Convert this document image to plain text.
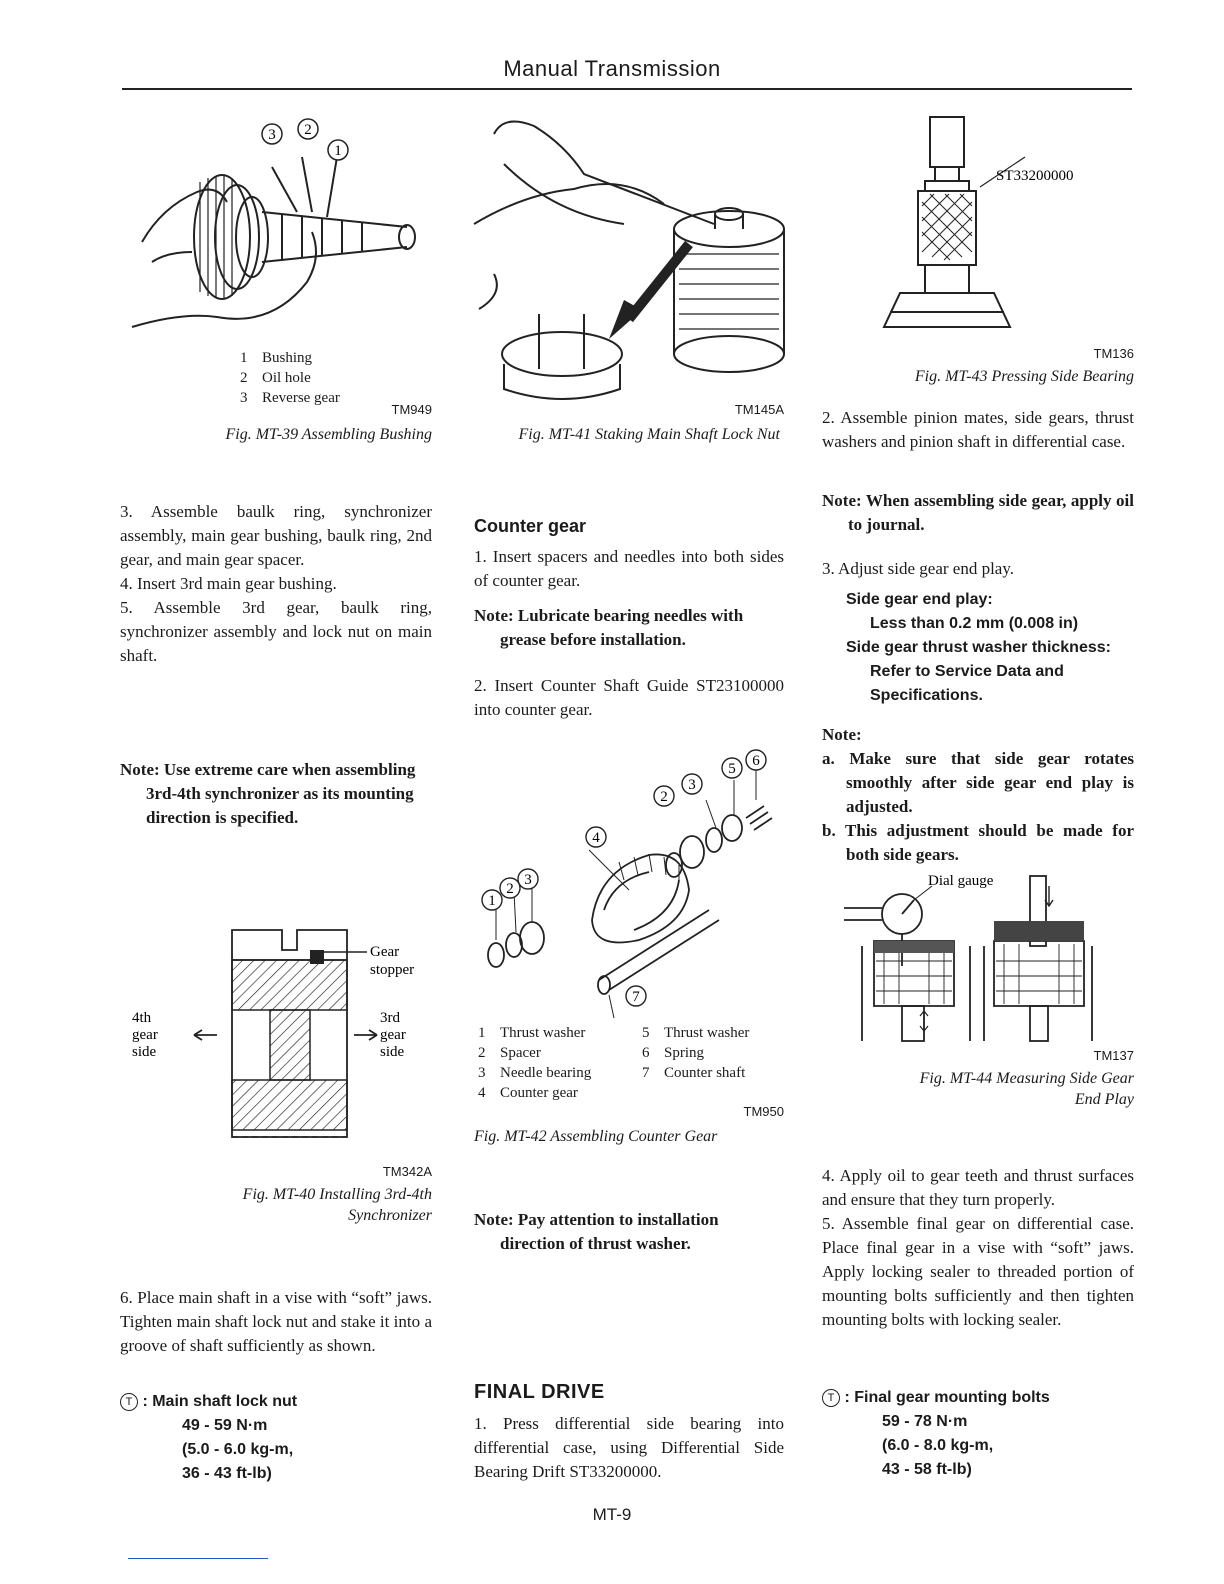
Manual Transmission
3 2
1
1 Bushing
2 Oil hole
3 Reverse gear
TM949
Fig. MT-39 Assembling Bushing

3. Assemble baulk ring, synchronizer assembly, main gear bushing, baulk ring, 2nd gear, and main gear spacer.

4. Insert 3rd main gear bushing.

5. Assemble 3rd gear, baulk ring, synchronizer assembly and lock nut on main shaft.

Note: Use extreme care when assembling 3rd-4th synchronizer as its mounting direction is specified.

4th gear side
3rd gear side
Gear stopper
TM342A
Fig. MT-40 Installing 3rd-4th
Synchronizer

6. Place main shaft in a vise with “soft” jaws. Tighten main shaft lock nut and stake it into a groove of shaft sufficiently as shown.

T : Main shaft lock nut
49 - 59 N·m
(5.0 - 6.0 kg-m,
36 - 43 ft-lb)
TM145A
Fig. MT-41 Staking Main Shaft Lock Nut
Counter gear

1. Insert spacers and needles into both sides of counter gear.

Note: Lubricate bearing needles with grease before installation.

2. Insert Counter Shaft Guide ST23100000 into counter gear.

1
2
3
4
2
3
5 6
7
1 Thrust washer
2 Spacer
3 Needle bearing
4 Counter gear
5 Thrust washer
6 Spring
7 Counter shaft
TM950
Fig. MT-42 Assembling Counter Gear

Note: Pay attention to installation direction of thrust washer.

FINAL DRIVE

1. Press differential side bearing into differential case, using Differential Side Bearing Drift ST33200000.

ST33200000
TM136
Fig. MT-43 Pressing Side Bearing

2. Assemble pinion mates, side gears, thrust washers and pinion shaft in differential case.

Note: When assembling side gear, apply oil to journal.

3. Adjust side gear end play.

Side gear end play:
Less than 0.2 mm (0.008 in)
Side gear thrust washer thickness:
Refer to Service Data and
Specifications.
Note:

a. Make sure that side gear rotates smoothly after side gear end play is adjusted.

b. This adjustment should be made for both side gears.

Dial gauge
TM137
Fig. MT-44 Measuring Side Gear
End Play

4. Apply oil to gear teeth and thrust surfaces and ensure that they turn properly.

5. Assemble final gear on differential case. Place final gear in a vise with “soft” jaws. Apply locking sealer to threaded portion of mounting bolts sufficiently and then tighten mounting bolts with locking sealer.

T : Final gear mounting bolts
59 - 78 N·m
(6.0 - 8.0 kg-m,
43 - 58 ft-lb)
MT-9
